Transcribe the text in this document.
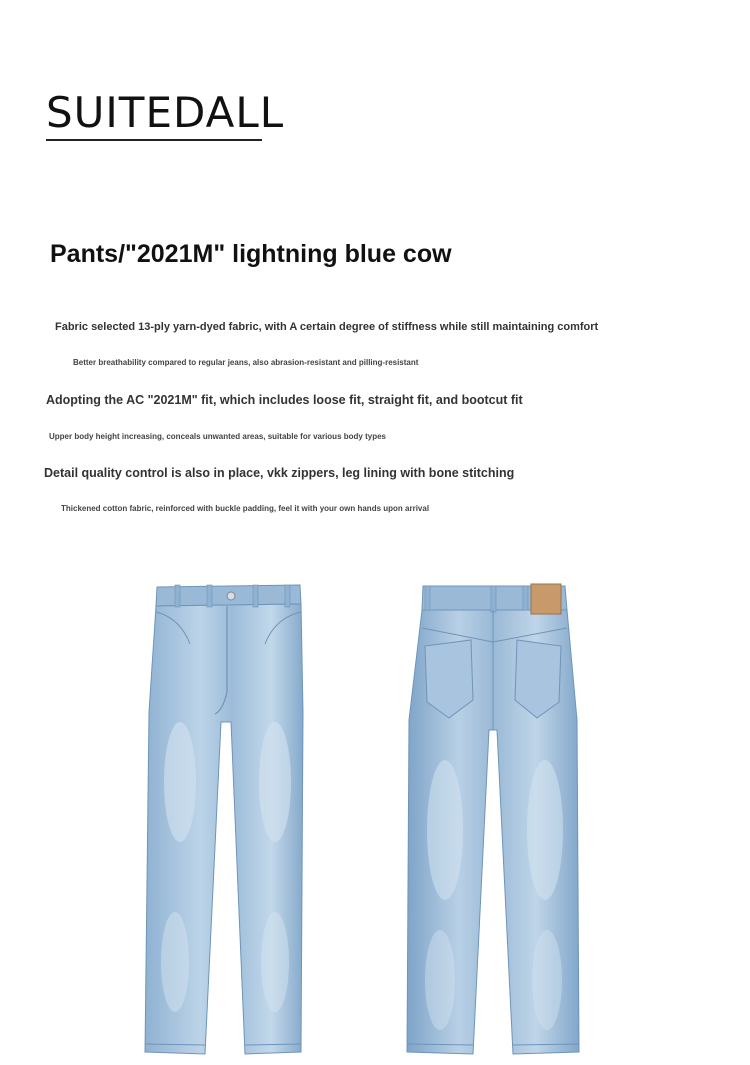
SUITEDALL
Pants/"2021M" lightning blue cow
Fabric selected 13-ply yarn-dyed fabric, with A certain degree of stiffness while still maintaining comfort
Better breathability compared to regular jeans, also abrasion-resistant and pilling-resistant
Adopting the AC "2021M" fit, which includes loose fit, straight fit, and bootcut fit
Upper body height increasing, conceals unwanted areas, suitable for various body types
Detail quality control is also in place, vkk zippers, leg lining with bone stitching
Thickened cotton fabric, reinforced with buckle padding, feel it with your own hands upon arrival
